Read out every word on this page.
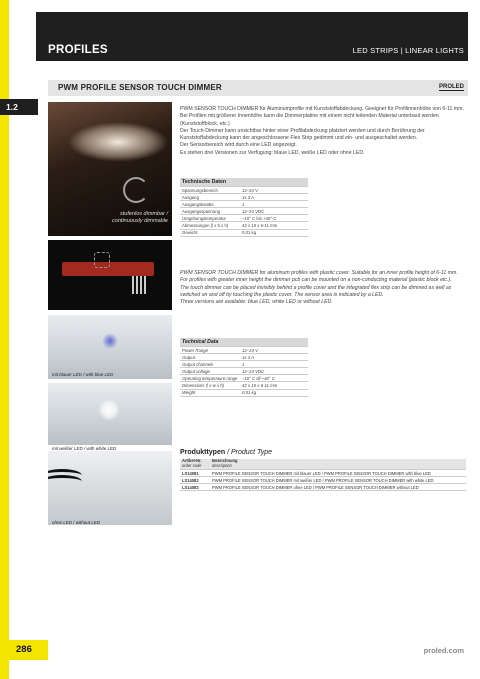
PROFILES	LED STRIPS | LINEAR LIGHTS
PWM PROFILE SENSOR TOUCH DIMMER	PROLED
1.2
stufenlos dimmbar /
continuously dimmable
mit blauer LED / with blue LED
mit weißer LED / with white LED
ohne LED / without LED
PWM SENSOR TOUCH DIMMER für Aluminumprofile mit Kunststoffabdeckung. Geeignet für Profilinnenhöhe von 6-11 mm. Bei Profilen mit größerer Innenhöhe kann die Dimmerplatine mit einem nicht leitenden Material unterbaut werden (Kunststoffblock, etc.)
Der Touch-Dimmer kann unsichtbar hinter einer Profilabdeckung platziert werden und durch Berührung der Kunststoffabdeckung kann der angeschlossene Flex Strip gedimmt und ein- und ausgeschaltet werden.
Der Sensorbereich wird durch eine LED angezeigt.
Es stehen drei Versionen zur Verfügung: blaue LED, weiße LED oder ohne LED.
Technische Daten	
Spannungsbereich	12–24 V
Ausgang	1x 3 A
Ausgangskanäle	1
Ausgangsspannung	12–24 VDC
Umgebungstemperatur	–10° C bis +40° C
Abmessungen (l x b x h)	42 x 10 x 6-11 mm
Gewicht	0,01 kg
PWM SENSOR TOUCH DIMMER for aluminum profiles with plastic cover. Suitable for an inner profile height of 6-11 mm. For profiles with greater inner height the dimmer pcb can be mounted on a non-conducting material (plastic block etc.).
The touch dimmer can be placed invisibly behind a profile cover and the integrated flex strip can be dimmed as well as switched on and off by touching the plastic cover. The sensor area is indicated by a LED.
Three versions are available: blue LED, white LED or without LED.
Technical Data	
Power Range	12–24 V
Output	1x 3 A
Output channels	1
Output voltage	12–24 VDC
Operating temperature range	–10° C till +40° C
Dimensions (l x w x h)	42 x 10 x 6-11 mm
Weight	0,01 kg
Produkttypen / Product Type
Artikel-Nr.
order code	Bezeichnung
description
LS14081	PWM PROFILE SENSOR TOUCH DIMMER mit blauer LED / PWM PROFILE SENSOR TOUCH DIMMER with blue LED
LS14082	PWM PROFILE SENSOR TOUCH DIMMER mit weißer LED / PWM PROFILE SENSOR TOUCH DIMMER with white LED
LS14083	PWM PROFILE SENSOR TOUCH DIMMER ohne LED / PWM PROFILE SENSOR TOUCH DIMMER without LED
286	proled.com
